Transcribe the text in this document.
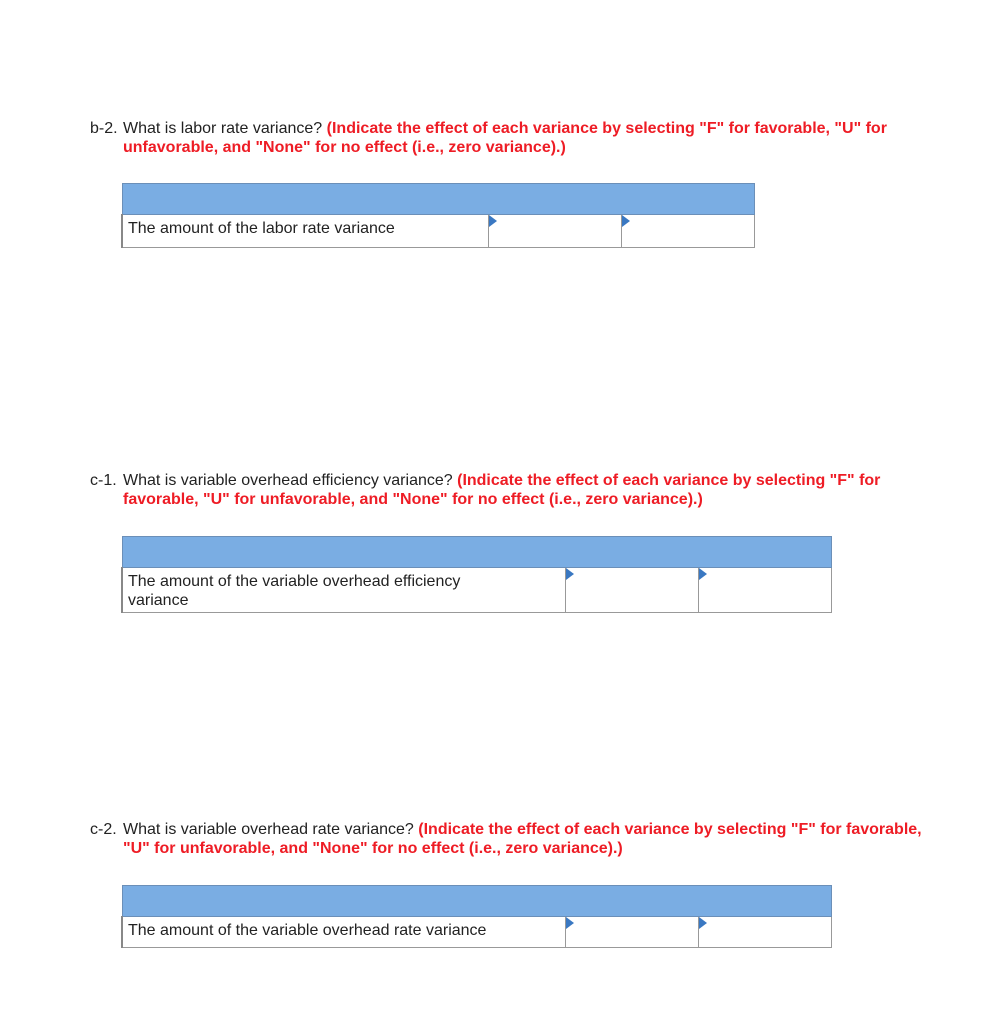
b-2. What is labor rate variance? (Indicate the effect of each variance by selecting "F" for favorable, "U" for unfavorable, and "None" for no effect (i.e., zero variance).)

The amount of the labor rate variance	

c-1. What is variable overhead efficiency variance? (Indicate the effect of each variance by selecting "F" for favorable, "U" for unfavorable, and "None" for no effect (i.e., zero variance).)

The amount of the variable overhead efficiency variance	

c-2. What is variable overhead rate variance? (Indicate the effect of each variance by selecting "F" for favorable, "U" for unfavorable, and "None" for no effect (i.e., zero variance).)

The amount of the variable overhead rate variance	
